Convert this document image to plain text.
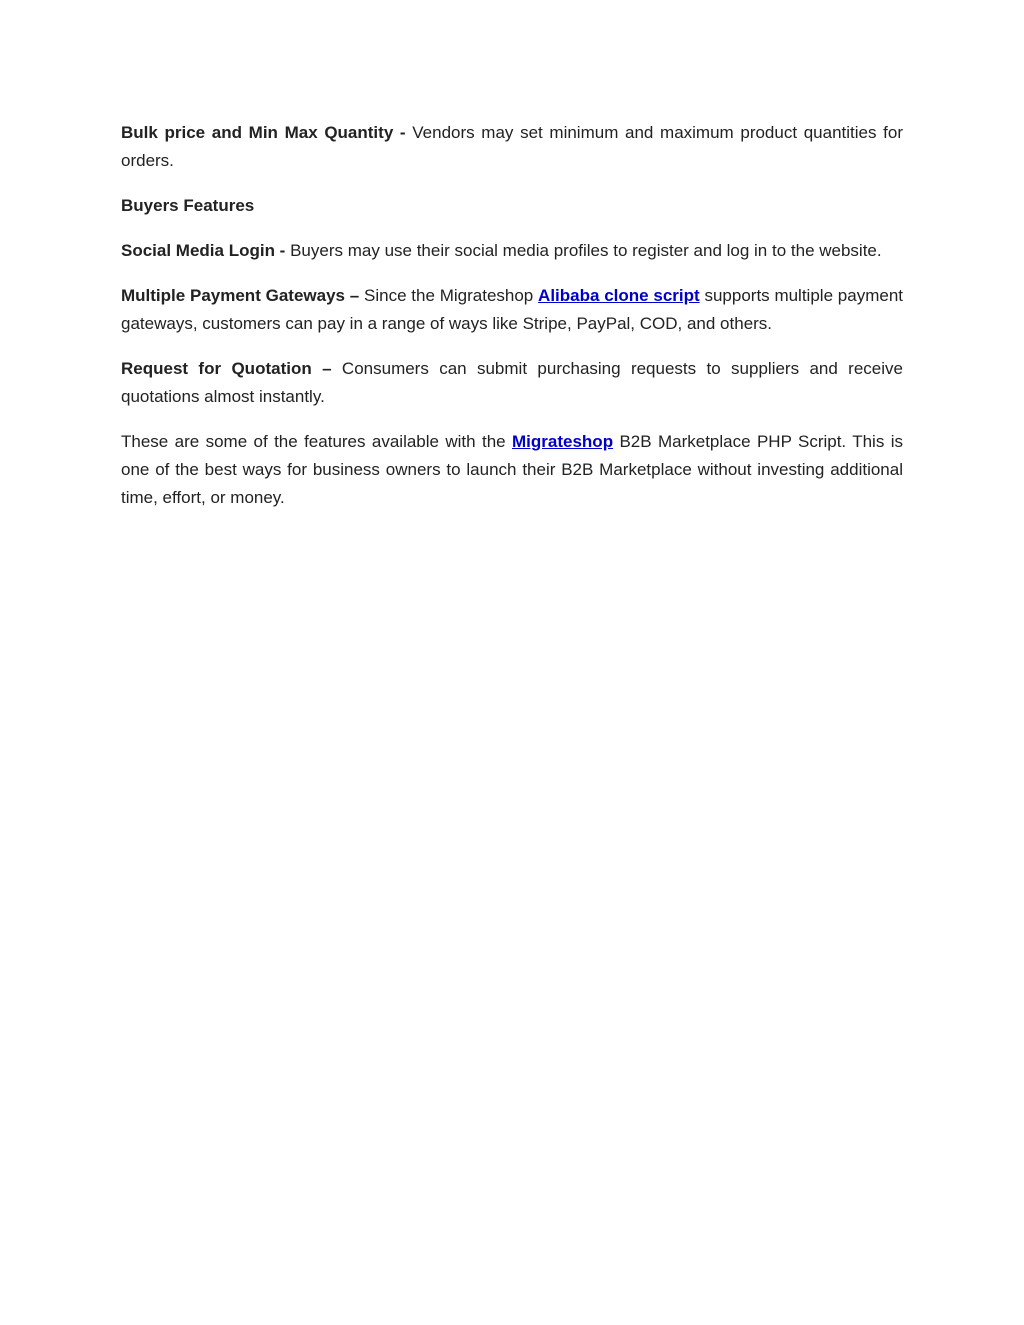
Bulk price and Min Max Quantity - Vendors may set minimum and maximum product quantities for orders.

Buyers Features

Social Media Login - Buyers may use their social media profiles to register and log in to the website.

Multiple Payment Gateways – Since the Migrateshop Alibaba clone script supports multiple payment gateways, customers can pay in a range of ways like Stripe, PayPal, COD, and others.

Request for Quotation – Consumers can submit purchasing requests to suppliers and receive quotations almost instantly.

These are some of the features available with the Migrateshop B2B Marketplace PHP Script. This is one of the best ways for business owners to launch their B2B Marketplace without investing additional time, effort, or money.
